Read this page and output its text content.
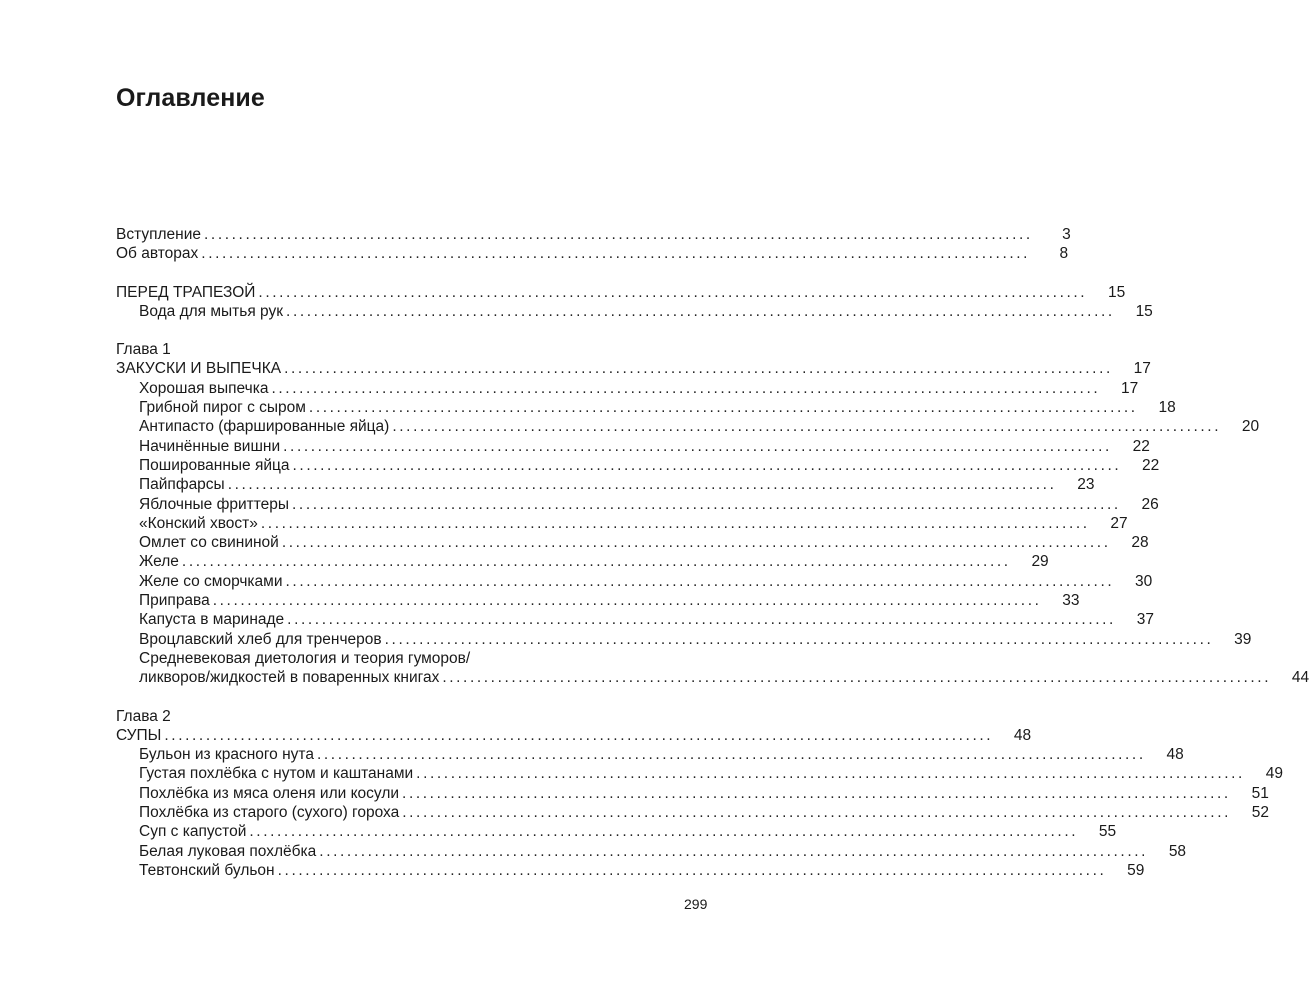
Оглавление
Вступление ........................................................................................................................	3
Об авторах ........................................................................................................................	8
ПЕРЕД ТРАПЕЗОЙ ........................................................................................................................	15
Вода для мытья рук ........................................................................................................................	15
Глава 1
ЗАКУСКИ И ВЫПЕЧКА ........................................................................................................................	17
Хорошая выпечка ........................................................................................................................	17
Грибной пирог с сыром ........................................................................................................................	18
Антипасто (фаршированные яйца) ........................................................................................................................	20
Начинённые вишни ........................................................................................................................	22
Пошированные яйца ........................................................................................................................	22
Пайпфарсы ........................................................................................................................	23
Яблочные фриттеры ........................................................................................................................	26
«Конский хвост» ........................................................................................................................	27
Омлет со свининой ........................................................................................................................	28
Желе ........................................................................................................................	29
Желе со сморчками ........................................................................................................................	30
Приправа ........................................................................................................................	33
Капуста в маринаде ........................................................................................................................	37
Вроцлавский хлеб для тренчеров ........................................................................................................................	39
Средневековая диетология и теория гуморов/
ликворов/жидкостей в поваренных книгах ........................................................................................................................	44
Глава 2
СУПЫ ........................................................................................................................	48
Бульон из красного нута ........................................................................................................................	48
Густая похлёбка с нутом и каштанами ........................................................................................................................	49
Похлёбка из мяса оленя или косули ........................................................................................................................	51
Похлёбка из старого (сухого) гороха ........................................................................................................................	52
Суп с капустой ........................................................................................................................	55
Белая луковая похлёбка ........................................................................................................................	58
Тевтонский бульон ........................................................................................................................	59
299
